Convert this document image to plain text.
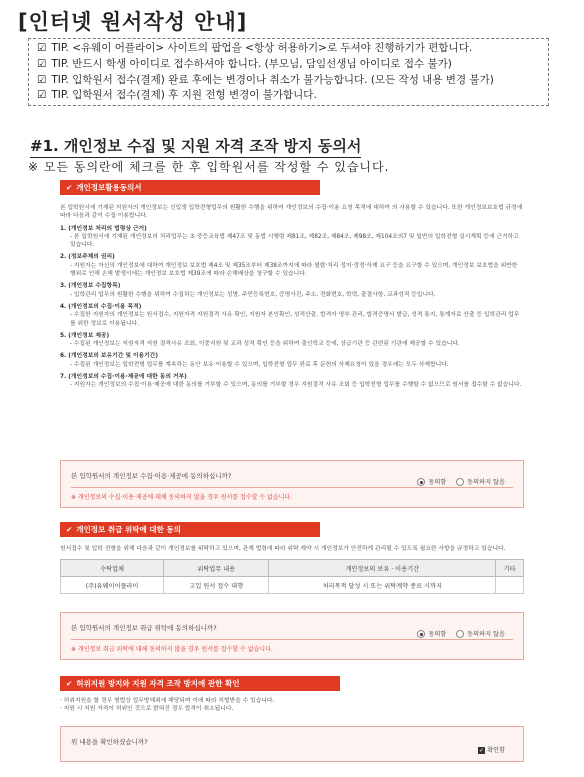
[인터넷 원서작성 안내]
☑ TIP. <유웨이 어플라이> 사이트의 팝업을 <항상 허용하기>로 두셔야 진행하기가 편합니다.
☑ TIP. 반드시 학생 아이디로 접수하셔야 합니다. (부모님, 담임선생님 아이디로 접수 불가)
☑ TIP. 입학원서 접수(결제) 완료 후에는 변경이나 취소가 불가능합니다. (모든 작성 내용 변경 불가)
☑ TIP. 입학원서 접수(결제) 후 지원 전형 변경이 불가합니다.
#1. 개인정보 수집 및 지원 자격 조작 방지 동의서
※ 모든 동의란에 체크를 한 후 입학원서를 작성할 수 있습니다.
✔ 개인정보활용동의서

본 입학원서에 기재된 지원자의 개인정보는 신입생 입학전형업무의 원활한 수행을 위하여 개인정보의 수집·이용 요청 목적에 대하여 의 사용할 수 있습니다. 또한 개인정보보호법 규정에 따라 다음과 같이 수집·이용합니다.

1. (개인정보 처리의 법령상 근거)

- 본 입학원서에 기재된 개인정보의 처리업무는 초·중등교육법 제47조 및 동법 시행령 제81조, 제82조, 제84조, 제98조, 제104조의7 및 일반의 입학전형 실시계획 등에 근거하고 있습니다.

2. (정보주체의 권리)

- 지원자는 자신의 개인정보에 대하여 개인정보 보호법 제4조 및 제35조부터 제38조까지에 따라 열람·처리 정지·정정·삭제 요구 등을 요구할 수 있으며, 개인정보 보호법을 위반한 행위로 인해 손해 발생시에는 개인정보 보호법 제39조에 따라 손해배상을 청구할 수 있습니다.

3. (개인정보 수집항목)

- 입학관리 업무의 원활한 수행을 위하여 수집하는 개인정보는 성명, 주민등록번호, 증명사진, 주소, 전화번호, 학력, 출결사항, 교과성적 등입니다.

4. (개인정보의 수집·이용 목적)

- 수집한 지원자의 개인정보는 원서접수, 지원자격 지원결격 사유 확인, 지원자 본인확인, 성적산출, 합격자 명부 관리, 합격증명서 발급, 성적 통지, 통계자료 산출 등 입학관리 업무를 위한 정보로 이용됩니다.

5. (개인정보 제공)

- 수집된 개인정보는 지원자격 지원 결격사유 조회, 이중지원 및 교과 성적 확인 등을 위하여 출신학교 등에, 상급기관 등 관련된 기관에 제공할 수 있습니다.

6. (개인정보의 보유기간 및 이용기간)

- 수집된 개인정보는 입학전형 업무를 계속하는 동안 보유·이용할 수 있으며, 입학전형 업무 완료 후 문헌의 삭제요청이 있을 경우에는 모두 삭제합니다.

7. (개인정보의 수집·이용·제공에 대한 동의 거부)

- 지원자는 개인정보의 수집·이용·제공에 대한 동의를 거부할 수 있으며, 동의를 거부할 경우 지원결격 사유 조회 등 입학전형 업무를 수행할 수 없으므로 원서를 접수할 수 없습니다.

본 입학원서의 개인정보 수집·이용·제공에 동의하십니까?
동의함	동의하지 않음
※ 개인정보의 수집·이용·제공에 대해 동의하지 않을 경우 원서를 접수할 수 없습니다.
✔ 개인정보 취급 위탁에 대한 동의
원서접수 및 입학 전형을 위해 다음과 같이 개인정보를 위탁하고 있으며, 관계 법령에 따라 위탁 계약 시 개인정보가 안전하게 관리될 수 있도록 필요한 사항을 규정하고 있습니다.
수탁업체	위탁업무 내용	개인정보의 보유 · 이용기간	기타
(주)유웨이어플라이	고입 원서 접수 대행	처리목적 달성 시 또는 위탁계약 종료 시까지	
본 입학원서의 개인정보 취급 위탁에 동의하십니까?
동의함	동의하지 않음
※ 개인정보 취급 위탁에 대해 동의하지 않을 경우 원서를 접수할 수 없습니다.
✔ 허위지원 방지와 지원 자격 조작 방지에 관한 확인

· 허위지원을 할 경우 형법상 업무방해죄에 해당되며 이에 따라 처벌받을 수 있습니다.

· 지원 시 지원 자격이 허위인 것으로 밝혀진 경우 합격이 취소됩니다.

위 내용을 확인하셨습니까?
✓ 확인함
